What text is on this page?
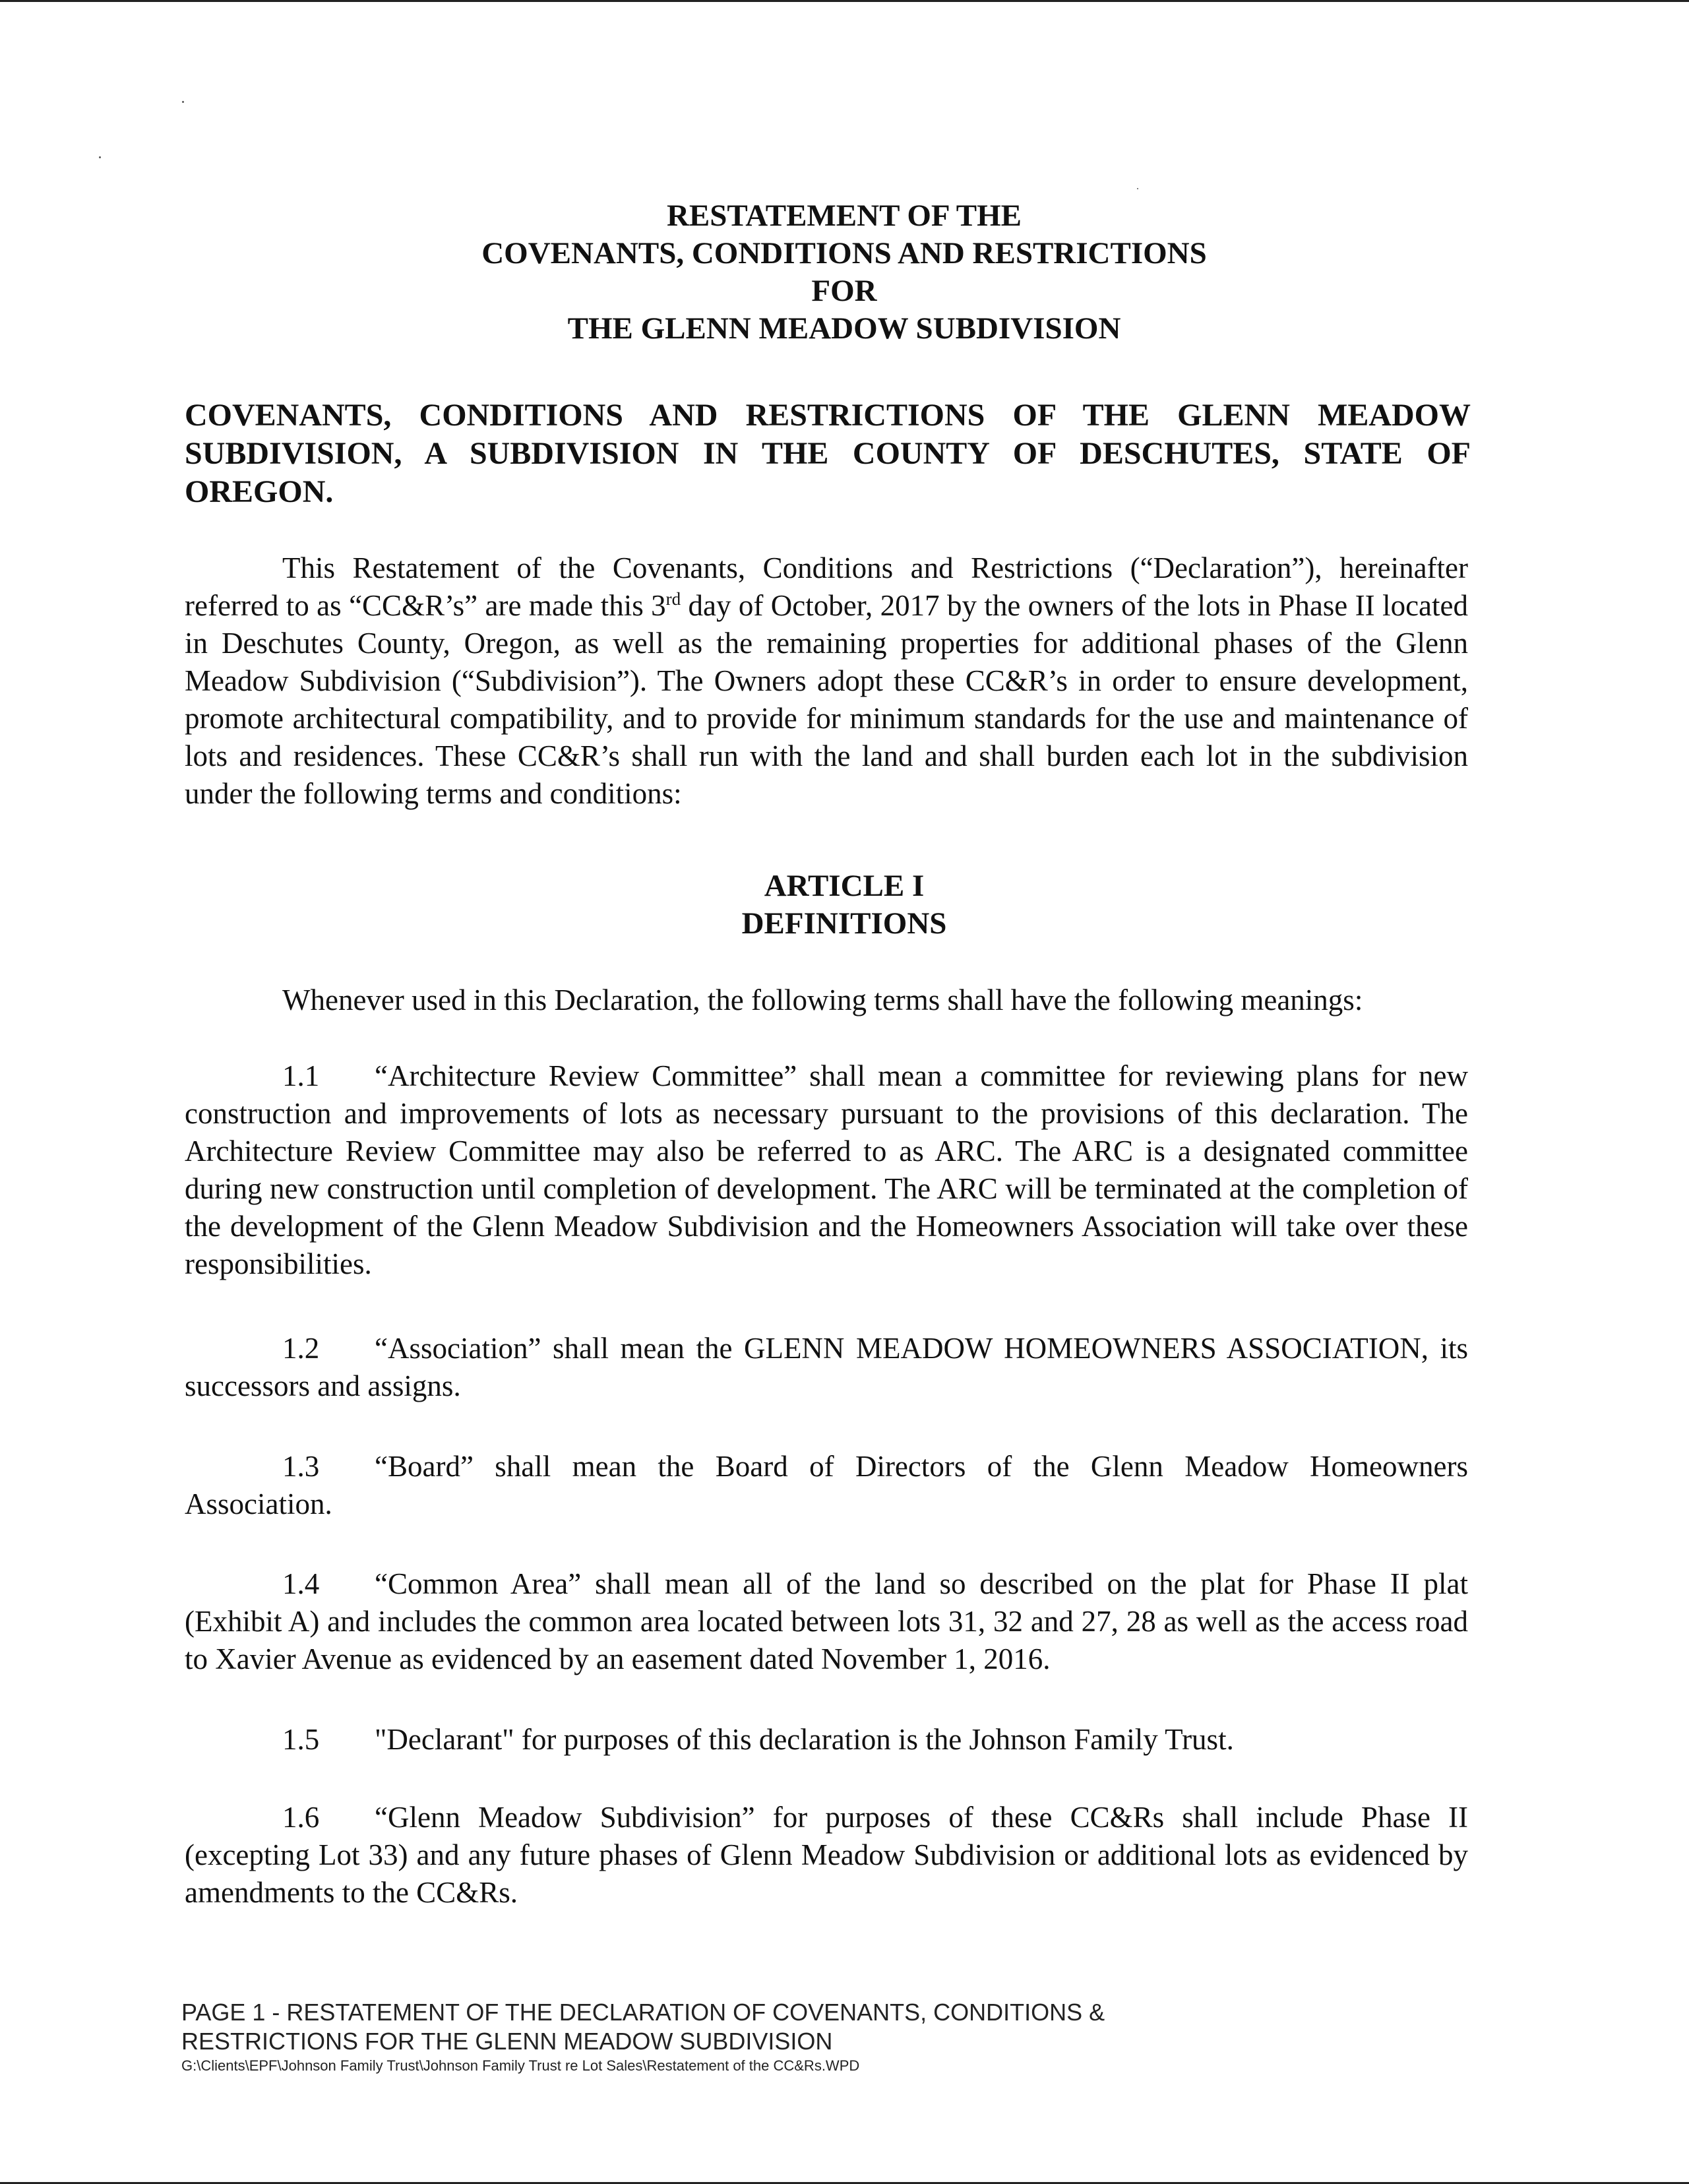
RESTATEMENT OF THE
COVENANTS, CONDITIONS AND RESTRICTIONS
FOR
THE GLENN MEADOW SUBDIVISION
COVENANTS, CONDITIONS AND RESTRICTIONS OF THE GLENN MEADOW SUBDIVISION, A SUBDIVISION IN THE COUNTY OF DESCHUTES, STATE OF OREGON.

This Restatement of the Covenants, Conditions and Restrictions (“Declaration”), hereinafter referred to as “CC&R’s” are made this 3rd day of October, 2017 by the owners of the lots in Phase II located in Deschutes County, Oregon, as well as the remaining properties for additional phases of the Glenn Meadow Subdivision (“Subdivision”). The Owners adopt these CC&R’s in order to ensure development, promote architectural compatibility, and to provide for minimum standards for the use and maintenance of lots and residences. These CC&R’s shall run with the land and shall burden each lot in the subdivision under the following terms and conditions:

ARTICLE I
DEFINITIONS

Whenever used in this Declaration, the following terms shall have the following meanings:

1.1 “Architecture Review Committee” shall mean a committee for reviewing plans for new construction and improvements of lots as necessary pursuant to the provisions of this declaration. The Architecture Review Committee may also be referred to as ARC. The ARC is a designated committee during new construction until completion of development. The ARC will be terminated at the completion of the development of the Glenn Meadow Subdivision and the Homeowners Association will take over these responsibilities.

1.2 “Association” shall mean the GLENN MEADOW HOMEOWNERS ASSOCIATION, its successors and assigns.

1.3 “Board” shall mean the Board of Directors of the Glenn Meadow Homeowners Association.

1.4 “Common Area” shall mean all of the land so described on the plat for Phase II plat (Exhibit A) and includes the common area located between lots 31, 32 and 27, 28 as well as the access road to Xavier Avenue as evidenced by an easement dated November 1, 2016.

1.5 "Declarant" for purposes of this declaration is the Johnson Family Trust.

1.6 “Glenn Meadow Subdivision” for purposes of these CC&Rs shall include Phase II (excepting Lot 33) and any future phases of Glenn Meadow Subdivision or additional lots as evidenced by amendments to the CC&Rs.

PAGE 1 - RESTATEMENT OF THE DECLARATION OF COVENANTS, CONDITIONS &
RESTRICTIONS FOR THE GLENN MEADOW SUBDIVISION
G:\Clients\EPF\Johnson Family Trust\Johnson Family Trust re Lot Sales\Restatement of the CC&Rs.WPD
